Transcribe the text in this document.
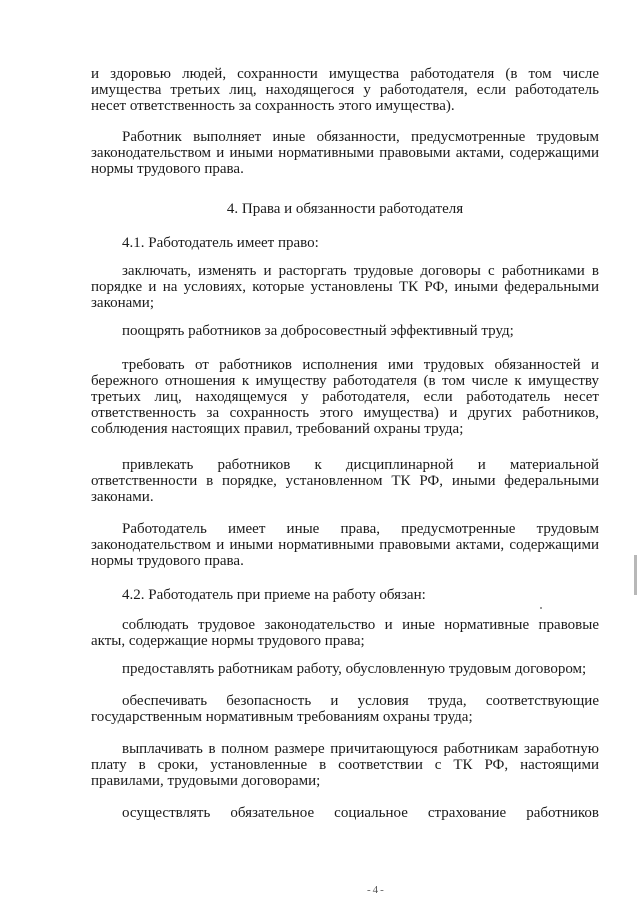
и здоровью людей, сохранности имущества работодателя (в том числе имущества третьих лиц, находящегося у работодателя, если работодатель несет ответственность за сохранность этого имущества).

Работник выполняет иные обязанности, предусмотренные трудовым законодательством и иными нормативными правовыми актами, содержащими нормы трудового права.

4. Права и обязанности работодателя

4.1. Работодатель имеет право:

заключать, изменять и расторгать трудовые договоры с работниками в порядке и на условиях, которые установлены ТК РФ, иными федеральными законами;

поощрять работников за добросовестный эффективный труд;

требовать от работников исполнения ими трудовых обязанностей и бережного отношения к имуществу работодателя (в том числе к имуществу третьих лиц, находящемуся у работодателя, если работодатель несет ответственность за сохранность этого имущества) и других работников, соблюдения настоящих правил, требований охраны труда;

привлекать работников к дисциплинарной и материальной ответственности в порядке, установленном ТК РФ, иными федеральными законами.

Работодатель имеет иные права, предусмотренные трудовым законодательством и иными нормативными правовыми актами, содержащими нормы трудового права.

4.2. Работодатель при приеме на работу обязан:

соблюдать трудовое законодательство и иные нормативные правовые акты, содержащие нормы трудового права;

предоставлять работникам работу, обусловленную трудовым договором;

обеспечивать безопасность и условия труда, соответствующие государственным нормативным требованиям охраны труда;

выплачивать в полном размере причитающуюся работникам заработную плату в сроки, установленные в соответствии с ТК РФ, настоящими правилами, трудовыми договорами;

осуществлять обязательное социальное страхование работников

-4-
